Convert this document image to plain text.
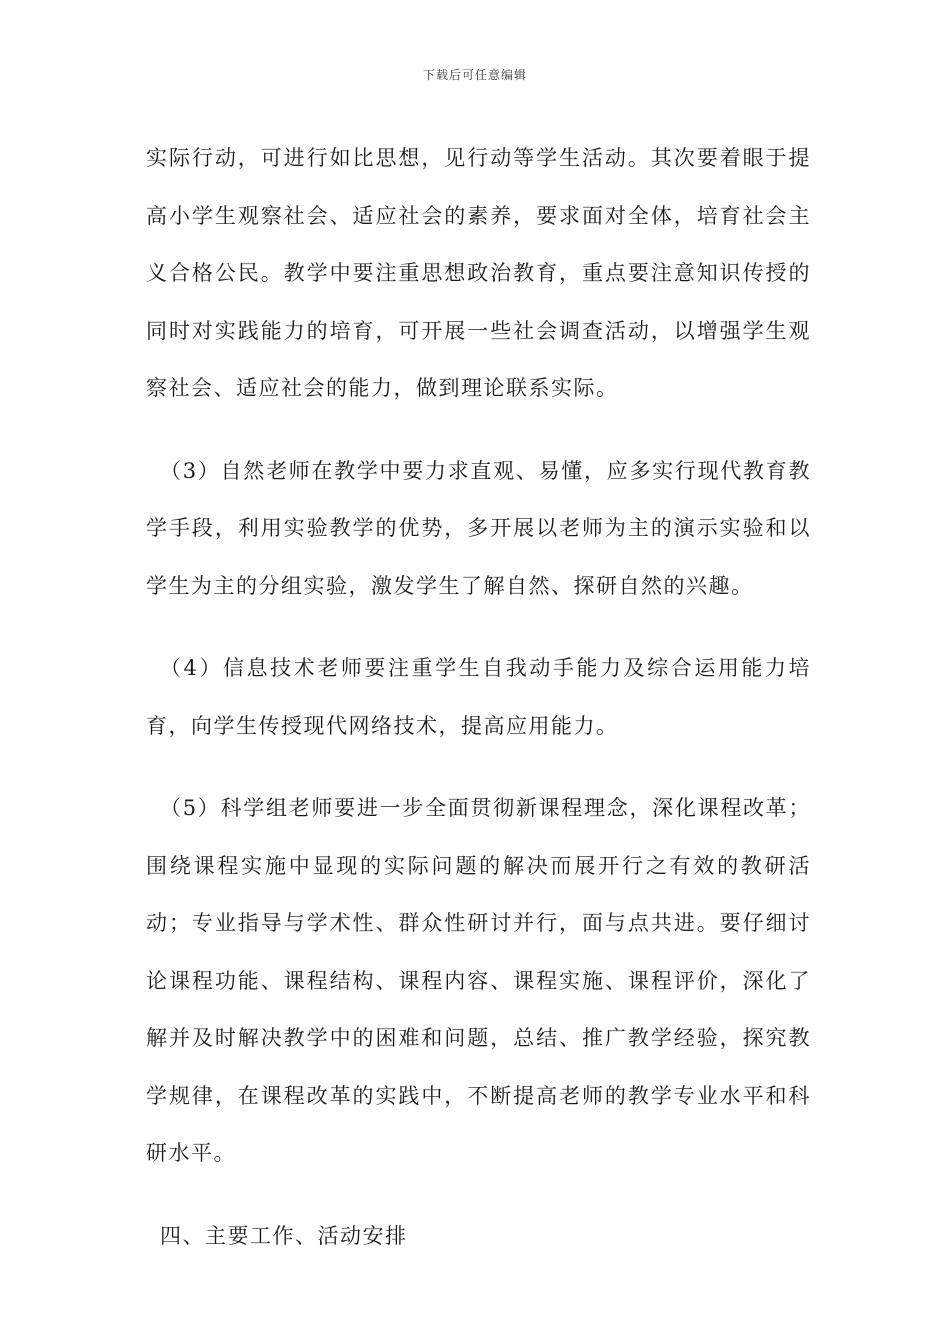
下载后可任意编辑

实际行动，可进行如比思想，见行动等学生活动。其次要着眼于提高小学生观察社会、适应社会的素养，要求面对全体，培育社会主义合格公民。教学中要注重思想政治教育，重点要注意知识传授的同时对实践能力的培育，可开展一些社会调查活动，以增强学生观察社会、适应社会的能力，做到理论联系实际。

（3）自然老师在教学中要力求直观、易懂，应多实行现代教育教学手段，利用实验教学的优势，多开展以老师为主的演示实验和以学生为主的分组实验，激发学生了解自然、探研自然的兴趣。

（4）信息技术老师要注重学生自我动手能力及综合运用能力培育，向学生传授现代网络技术，提高应用能力。

（5）科学组老师要进一步全面贯彻新课程理念，深化课程改革；围绕课程实施中显现的实际问题的解决而展开行之有效的教研活动；专业指导与学术性、群众性研讨并行，面与点共进。要仔细讨论课程功能、课程结构、课程内容、课程实施、课程评价，深化了解并及时解决教学中的困难和问题，总结、推广教学经验，探究教学规律，在课程改革的实践中，不断提高老师的教学专业水平和科研水平。

四、主要工作、活动安排
